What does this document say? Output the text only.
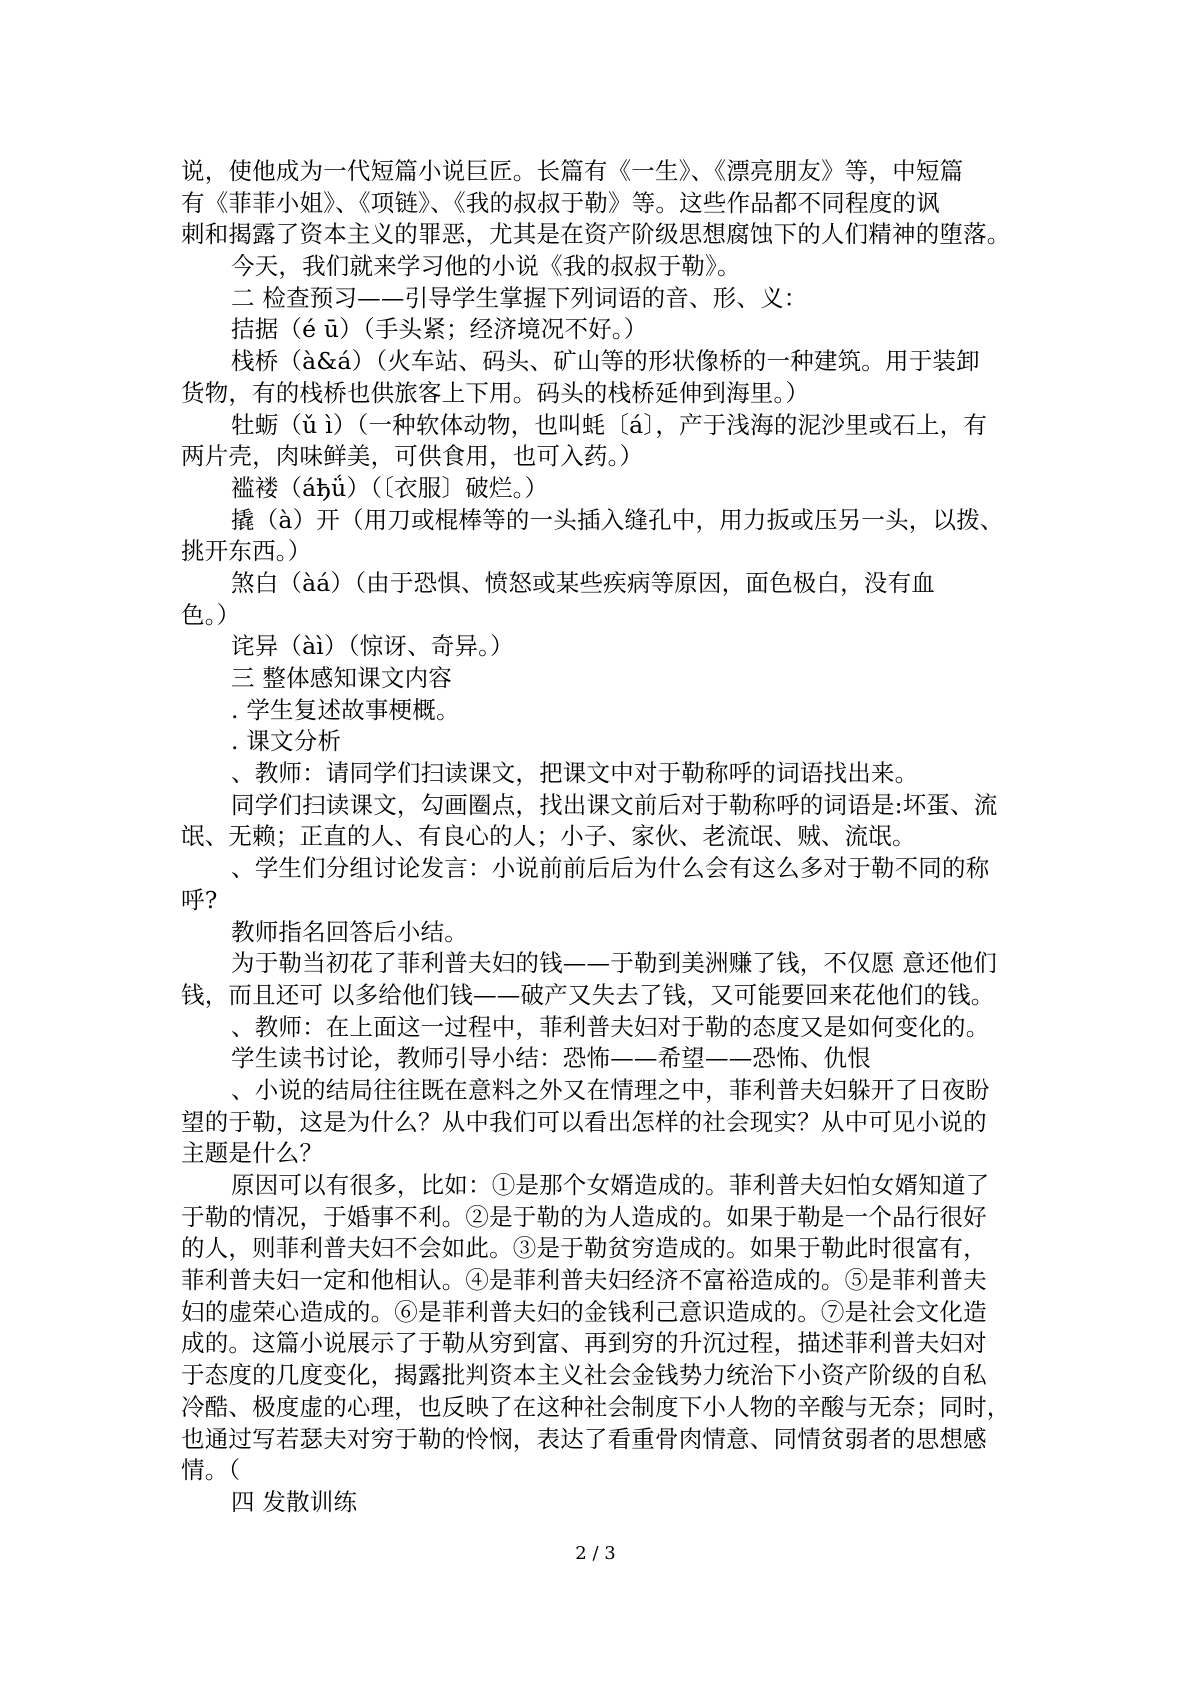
说，使他成为一代短篇小说巨匠。长篇有《一生》、《漂亮朋友》等，中短篇
有《菲菲小姐》、《项链》、《我的叔叔于勒》等。这些作品都不同程度的讽
刺和揭露了资本主义的罪恶，尤其是在资产阶级思想腐蚀下的人们精神的堕落。
今天，我们就来学习他的小说《我的叔叔于勒》。
二 检查预习——引导学生掌握下列词语的音、形、义：
拮据（é ū）（手头紧；经济境况不好。）
栈桥（à&á）（火车站、码头、矿山等的形状像桥的一种建筑。用于装卸
货物，有的栈桥也供旅客上下用。码头的栈桥延伸到海里。）
牡蛎（ǔ ì）（一种软体动物，也叫蚝〔á〕，产于浅海的泥沙里或石上，有
两片壳，肉味鲜美，可供食用，也可入药。）
褴褛（áђǘ）（〔衣服〕破烂。）
撬（à）开（用刀或棍棒等的一头插入缝孔中，用力扳或压另一头，以拨、
挑开东西。）
煞白（àá）（由于恐惧、愤怒或某些疾病等原因，面色极白，没有血
色。）
诧异（àì）（惊讶、奇异。）
三 整体感知课文内容
. 学生复述故事梗概。
. 课文分析
、教师：请同学们扫读课文，把课文中对于勒称呼的词语找出来。
同学们扫读课文，勾画圈点，找出课文前后对于勒称呼的词语是:坏蛋、流
氓、无赖；正直的人、有良心的人；小子、家伙、老流氓、贼、流氓。
、学生们分组讨论发言：小说前前后后为什么会有这么多对于勒不同的称
呼?
教师指名回答后小结。
为于勒当初花了菲利普夫妇的钱——于勒到美洲赚了钱，不仅愿 意还他们
钱，而且还可 以多给他们钱——破产又失去了钱，又可能要回来花他们的钱。
、教师：在上面这一过程中，菲利普夫妇对于勒的态度又是如何变化的。
学生读书讨论，教师引导小结：恐怖——希望——恐怖、仇恨
、小说的结局往往既在意料之外又在情理之中，菲利普夫妇躲开了日夜盼
望的于勒，这是为什么？从中我们可以看出怎样的社会现实？从中可见小说的
主题是什么？
原因可以有很多，比如：①是那个女婿造成的。菲利普夫妇怕女婿知道了
于勒的情况，于婚事不利。②是于勒的为人造成的。如果于勒是一个品行很好
的人，则菲利普夫妇不会如此。③是于勒贫穷造成的。如果于勒此时很富有，
菲利普夫妇一定和他相认。④是菲利普夫妇经济不富裕造成的。⑤是菲利普夫
妇的虚荣心造成的。⑥是菲利普夫妇的金钱利己意识造成的。⑦是社会文化造
成的。这篇小说展示了于勒从穷到富、再到穷的升沉过程，描述菲利普夫妇对
于态度的几度变化，揭露批判资本主义社会金钱势力统治下小资产阶级的自私
冷酷、极度虚的心理，也反映了在这种社会制度下小人物的辛酸与无奈；同时，
也通过写若瑟夫对穷于勒的怜悯，表达了看重骨肉情意、同情贫弱者的思想感
情。（
四 发散训练
2 / 3
